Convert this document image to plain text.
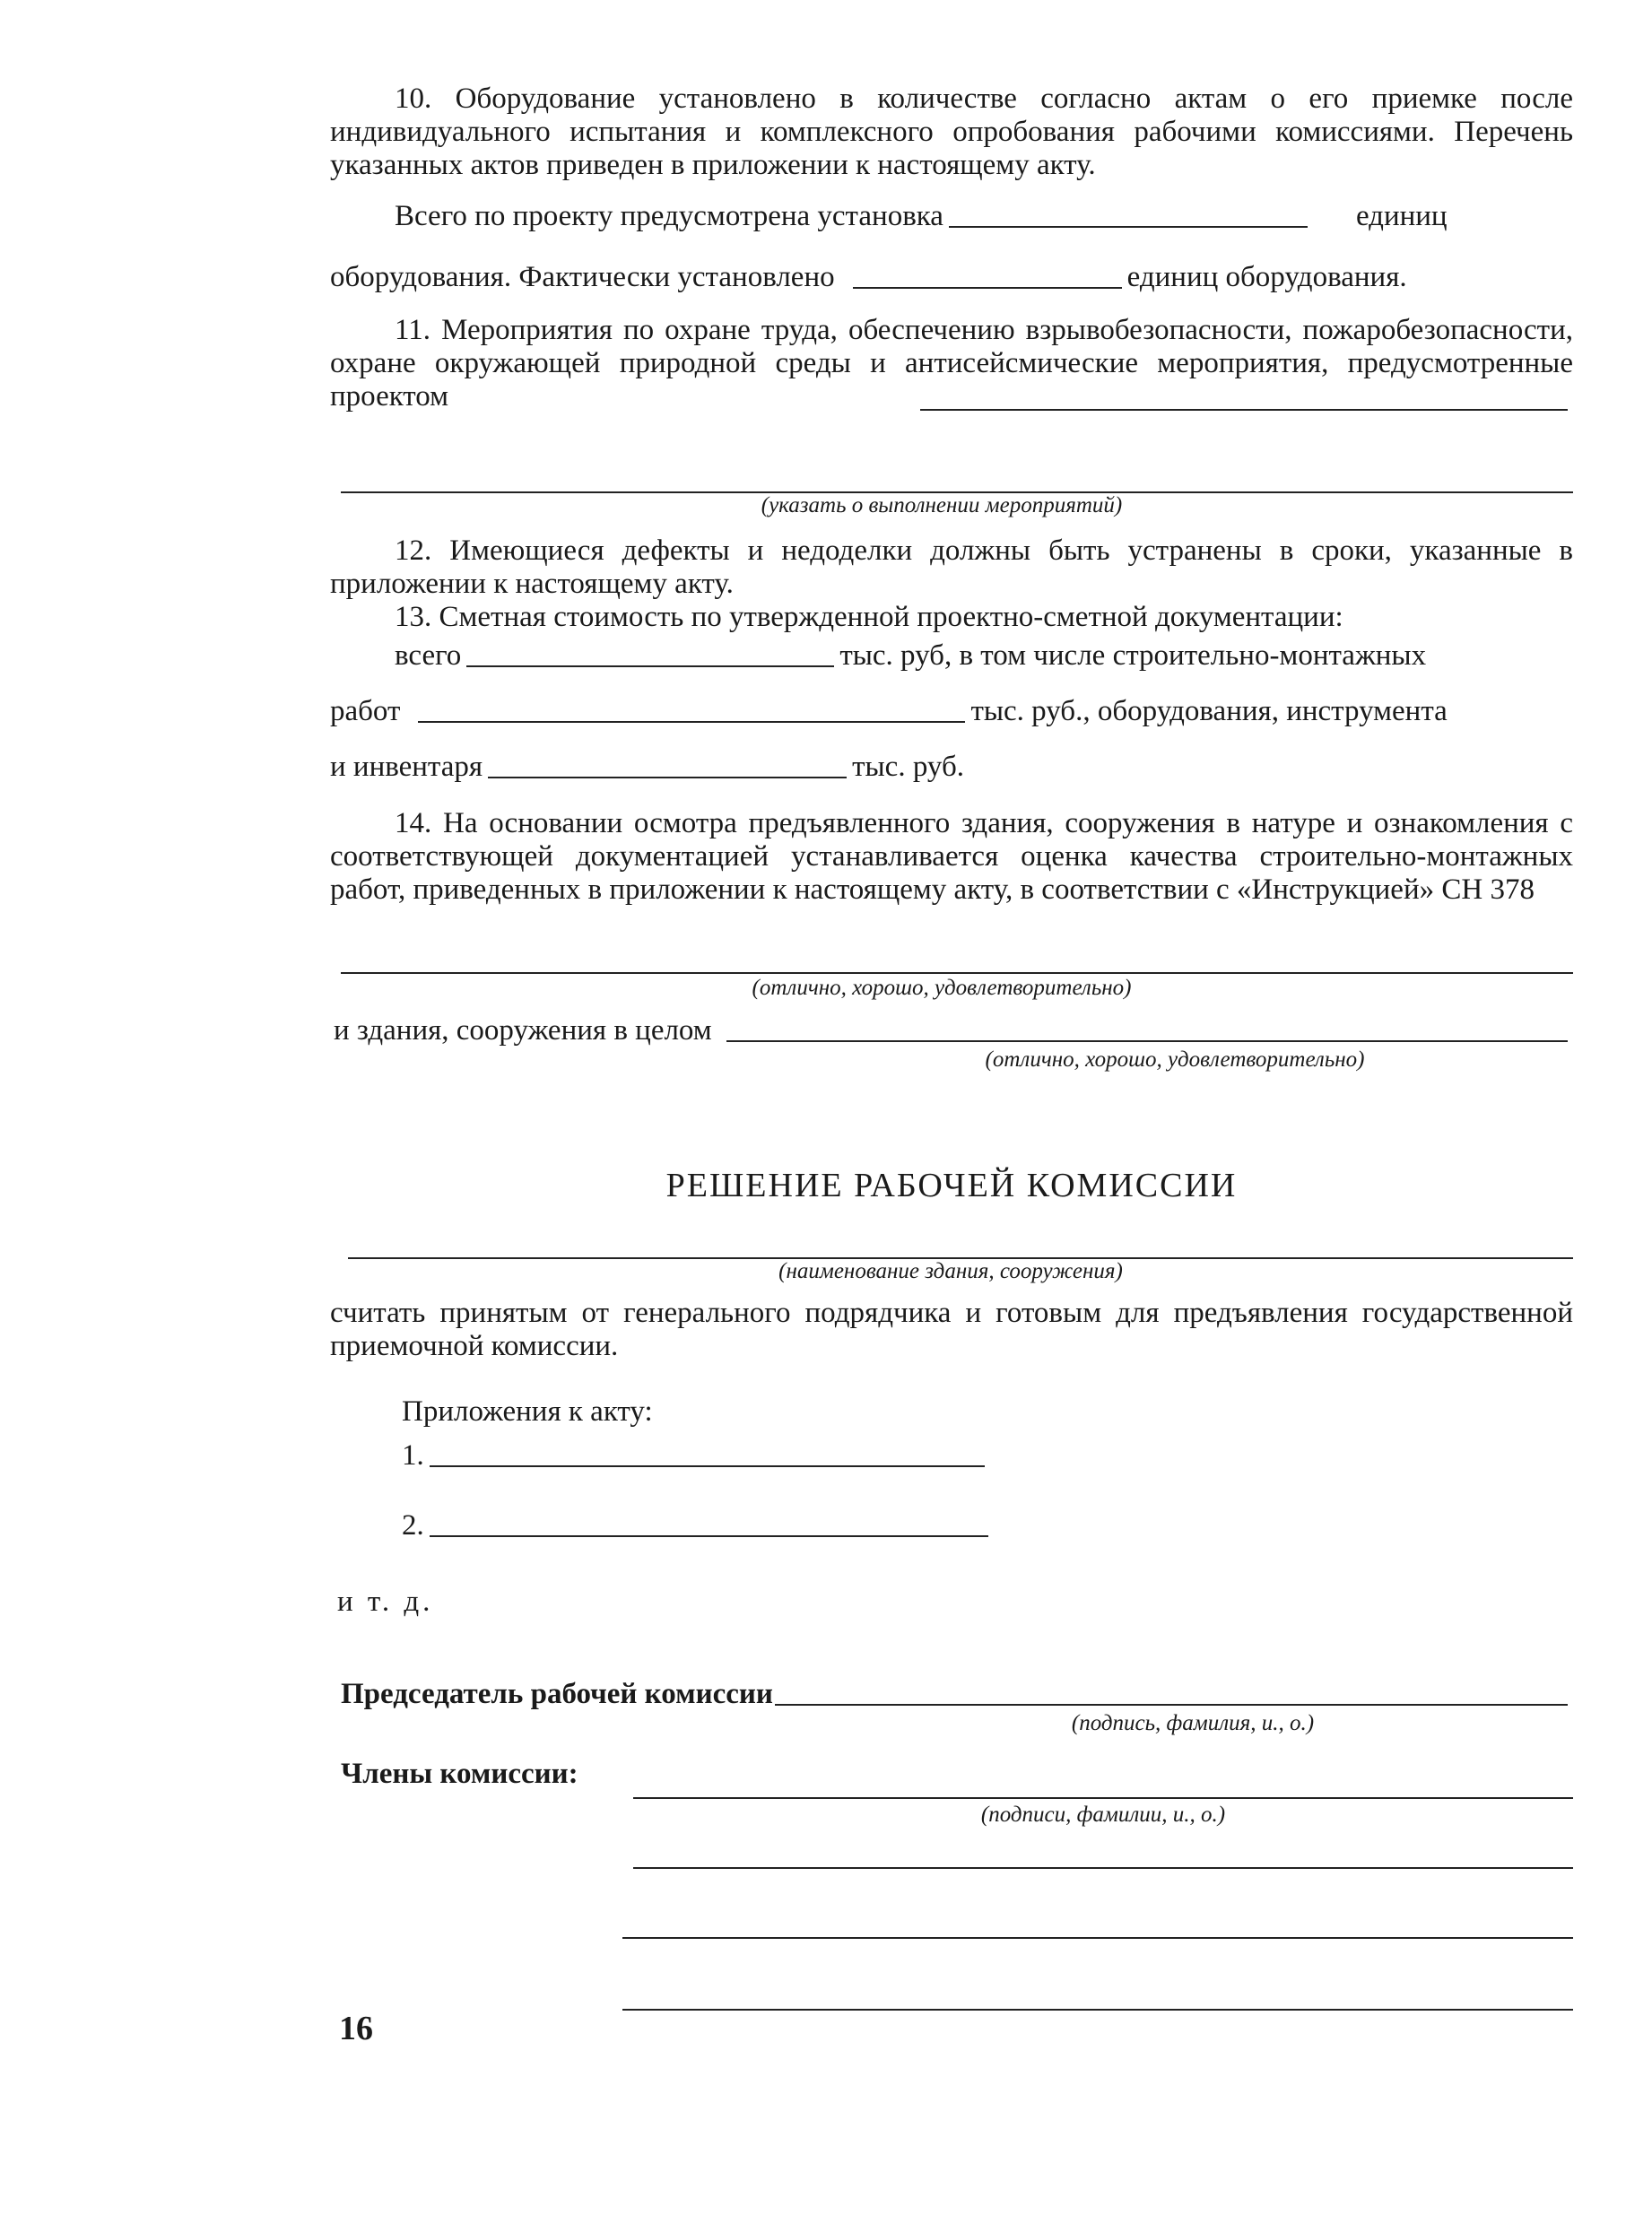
10. Оборудование установлено в количестве согласно актам о его приемке после индивидуального испытания и комплексного опробования рабочими комиссиями. Перечень указанных актов приведен в приложении к настоящему акту.

Всего по проекту предусмотрена установка	единиц
оборудования. Фактически установлено	единиц оборудования.

11. Мероприятия по охране труда, обеспечению взрывобезопасности, пожаробезопасности, охране окружающей природной среды и антисейсмические мероприятия, предусмотренные проектом

(указать о выполнении мероприятий)

12. Имеющиеся дефекты и недоделки должны быть устранены в сроки, указанные в приложении к настоящему акту.

13. Сметная стоимость по утвержденной проектно-сметной документации:

всего	тыс. руб, в том числе строительно-монтажных
работ	тыс. руб., оборудования, инструмента
и инвентаря	тыс. руб.

14. На основании осмотра предъявленного здания, сооружения в натуре и ознакомления с соответствующей документацией устанавливается оценка качества строительно-монтажных работ, приведенных в приложении к настоящему акту, в соответствии с «Инструкцией» СН 378

(отлично, хорошо, удовлетворительно)
и здания, сооружения в целом
(отлично, хорошо, удовлетворительно)
РЕШЕНИЕ РАБОЧЕЙ КОМИССИИ
(наименование здания, сооружения)

считать принятым от генерального подрядчика и готовым для предъявления государственной приемочной комиссии.

Приложения к акту:
1.
2.
и т. д.
Председатель рабочей комиссии
(подпись, фамилия, и., о.)
Члены комиссии:
(подписи, фамилии, и., о.)
16
